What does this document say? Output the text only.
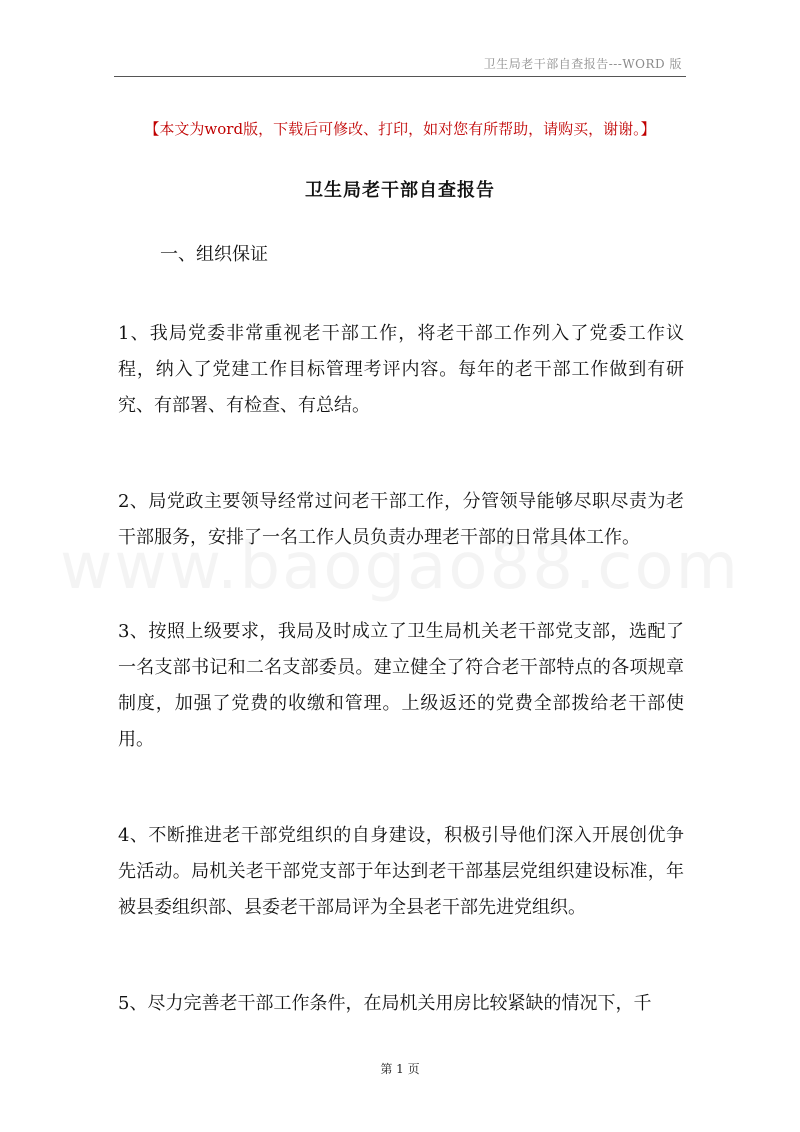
卫生局老干部自查报告---WORD 版
【本文为word版，下载后可修改、打印，如对您有所帮助，请购买，谢谢。】
卫生局老干部自查报告
一、组织保证

1、我局党委非常重视老干部工作，将老干部工作列入了党委工作议程，纳入了党建工作目标管理考评内容。每年的老干部工作做到有研究、有部署、有检查、有总结。

2、局党政主要领导经常过问老干部工作，分管领导能够尽职尽责为老干部服务，安排了一名工作人员负责办理老干部的日常具体工作。

3、按照上级要求，我局及时成立了卫生局机关老干部党支部，选配了一名支部书记和二名支部委员。建立健全了符合老干部特点的各项规章制度，加强了党费的收缴和管理。上级返还的党费全部拨给老干部使用。

4、不断推进老干部党组织的自身建设，积极引导他们深入开展创优争先活动。局机关老干部党支部于年达到老干部基层党组织建设标准，年被县委组织部、县委老干部局评为全县老干部先进党组织。

5、尽力完善老干部工作条件，在局机关用房比较紧缺的情况下，千

第 1 页
